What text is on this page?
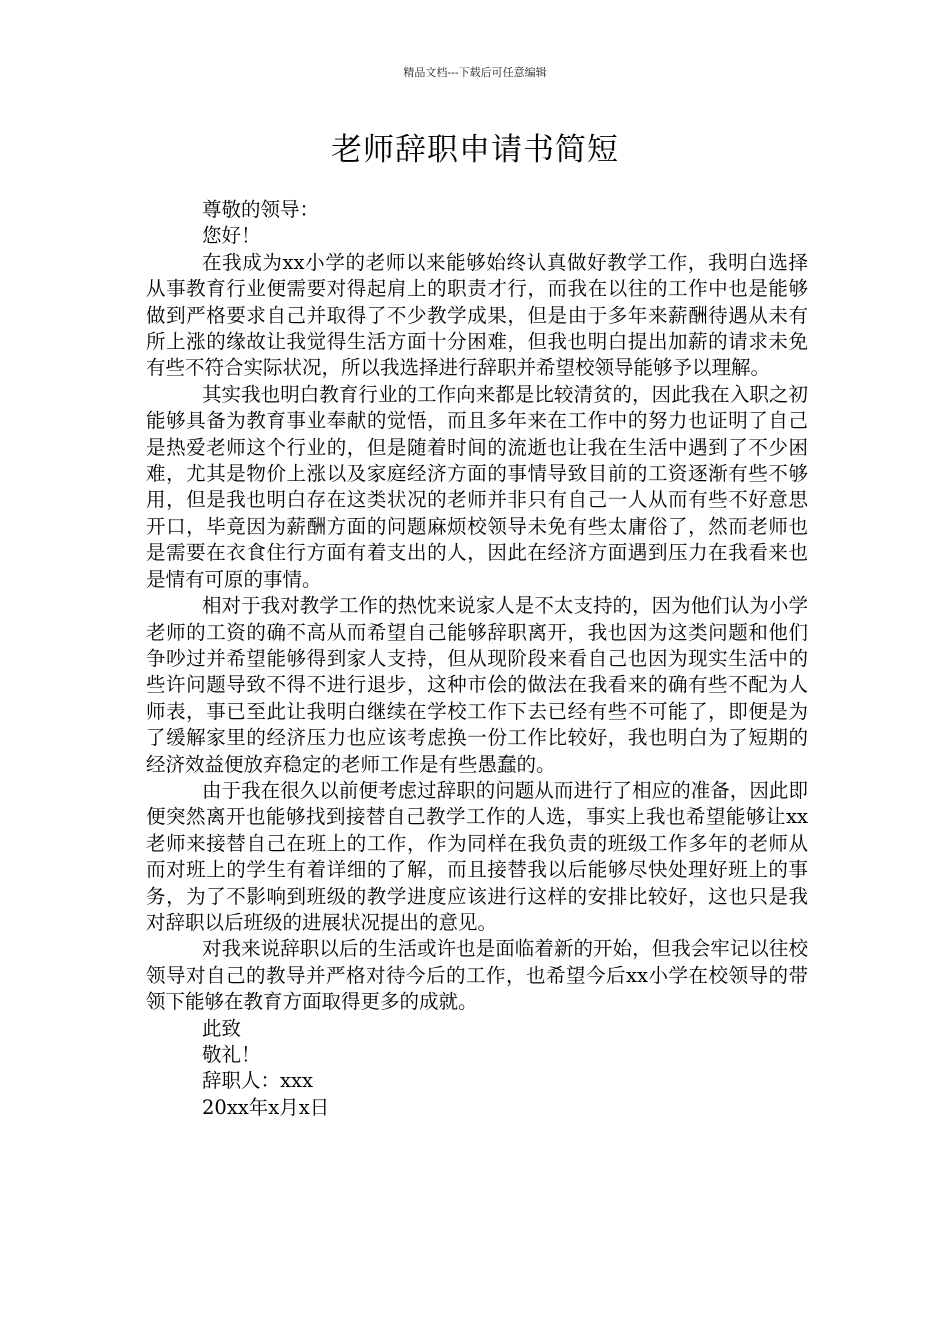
精品文档---下载后可任意编辑
老师辞职申请书简短
尊敬的领导：
您好！

在我成为xx小学的老师以来能够始终认真做好教学工作，我明白选择从事教育行业便需要对得起肩上的职责才行，而我在以往的工作中也是能够做到严格要求自己并取得了不少教学成果，但是由于多年来薪酬待遇从未有所上涨的缘故让我觉得生活方面十分困难，但我也明白提出加薪的请求未免有些不符合实际状况，所以我选择进行辞职并希望校领导能够予以理解。

其实我也明白教育行业的工作向来都是比较清贫的，因此我在入职之初能够具备为教育事业奉献的觉悟，而且多年来在工作中的努力也证明了自己是热爱老师这个行业的，但是随着时间的流逝也让我在生活中遇到了不少困难，尤其是物价上涨以及家庭经济方面的事情导致目前的工资逐渐有些不够用，但是我也明白存在这类状况的老师并非只有自己一人从而有些不好意思开口，毕竟因为薪酬方面的问题麻烦校领导未免有些太庸俗了，然而老师也是需要在衣食住行方面有着支出的人，因此在经济方面遇到压力在我看来也是情有可原的事情。

相对于我对教学工作的热忱来说家人是不太支持的，因为他们认为小学老师的工资的确不高从而希望自己能够辞职离开，我也因为这类问题和他们争吵过并希望能够得到家人支持，但从现阶段来看自己也因为现实生活中的些许问题导致不得不进行退步，这种市侩的做法在我看来的确有些不配为人师表，事已至此让我明白继续在学校工作下去已经有些不可能了，即便是为了缓解家里的经济压力也应该考虑换一份工作比较好，我也明白为了短期的经济效益便放弃稳定的老师工作是有些愚蠢的。

由于我在很久以前便考虑过辞职的问题从而进行了相应的准备，因此即便突然离开也能够找到接替自己教学工作的人选，事实上我也希望能够让xx老师来接替自己在班上的工作，作为同样在我负责的班级工作多年的老师从而对班上的学生有着详细的了解，而且接替我以后能够尽快处理好班上的事务，为了不影响到班级的教学进度应该进行这样的安排比较好，这也只是我对辞职以后班级的进展状况提出的意见。

对我来说辞职以后的生活或许也是面临着新的开始，但我会牢记以往校领导对自己的教导并严格对待今后的工作，也希望今后xx小学在校领导的带领下能够在教育方面取得更多的成就。

此致
敬礼！
辞职人：xxx
20xx年x月x日
